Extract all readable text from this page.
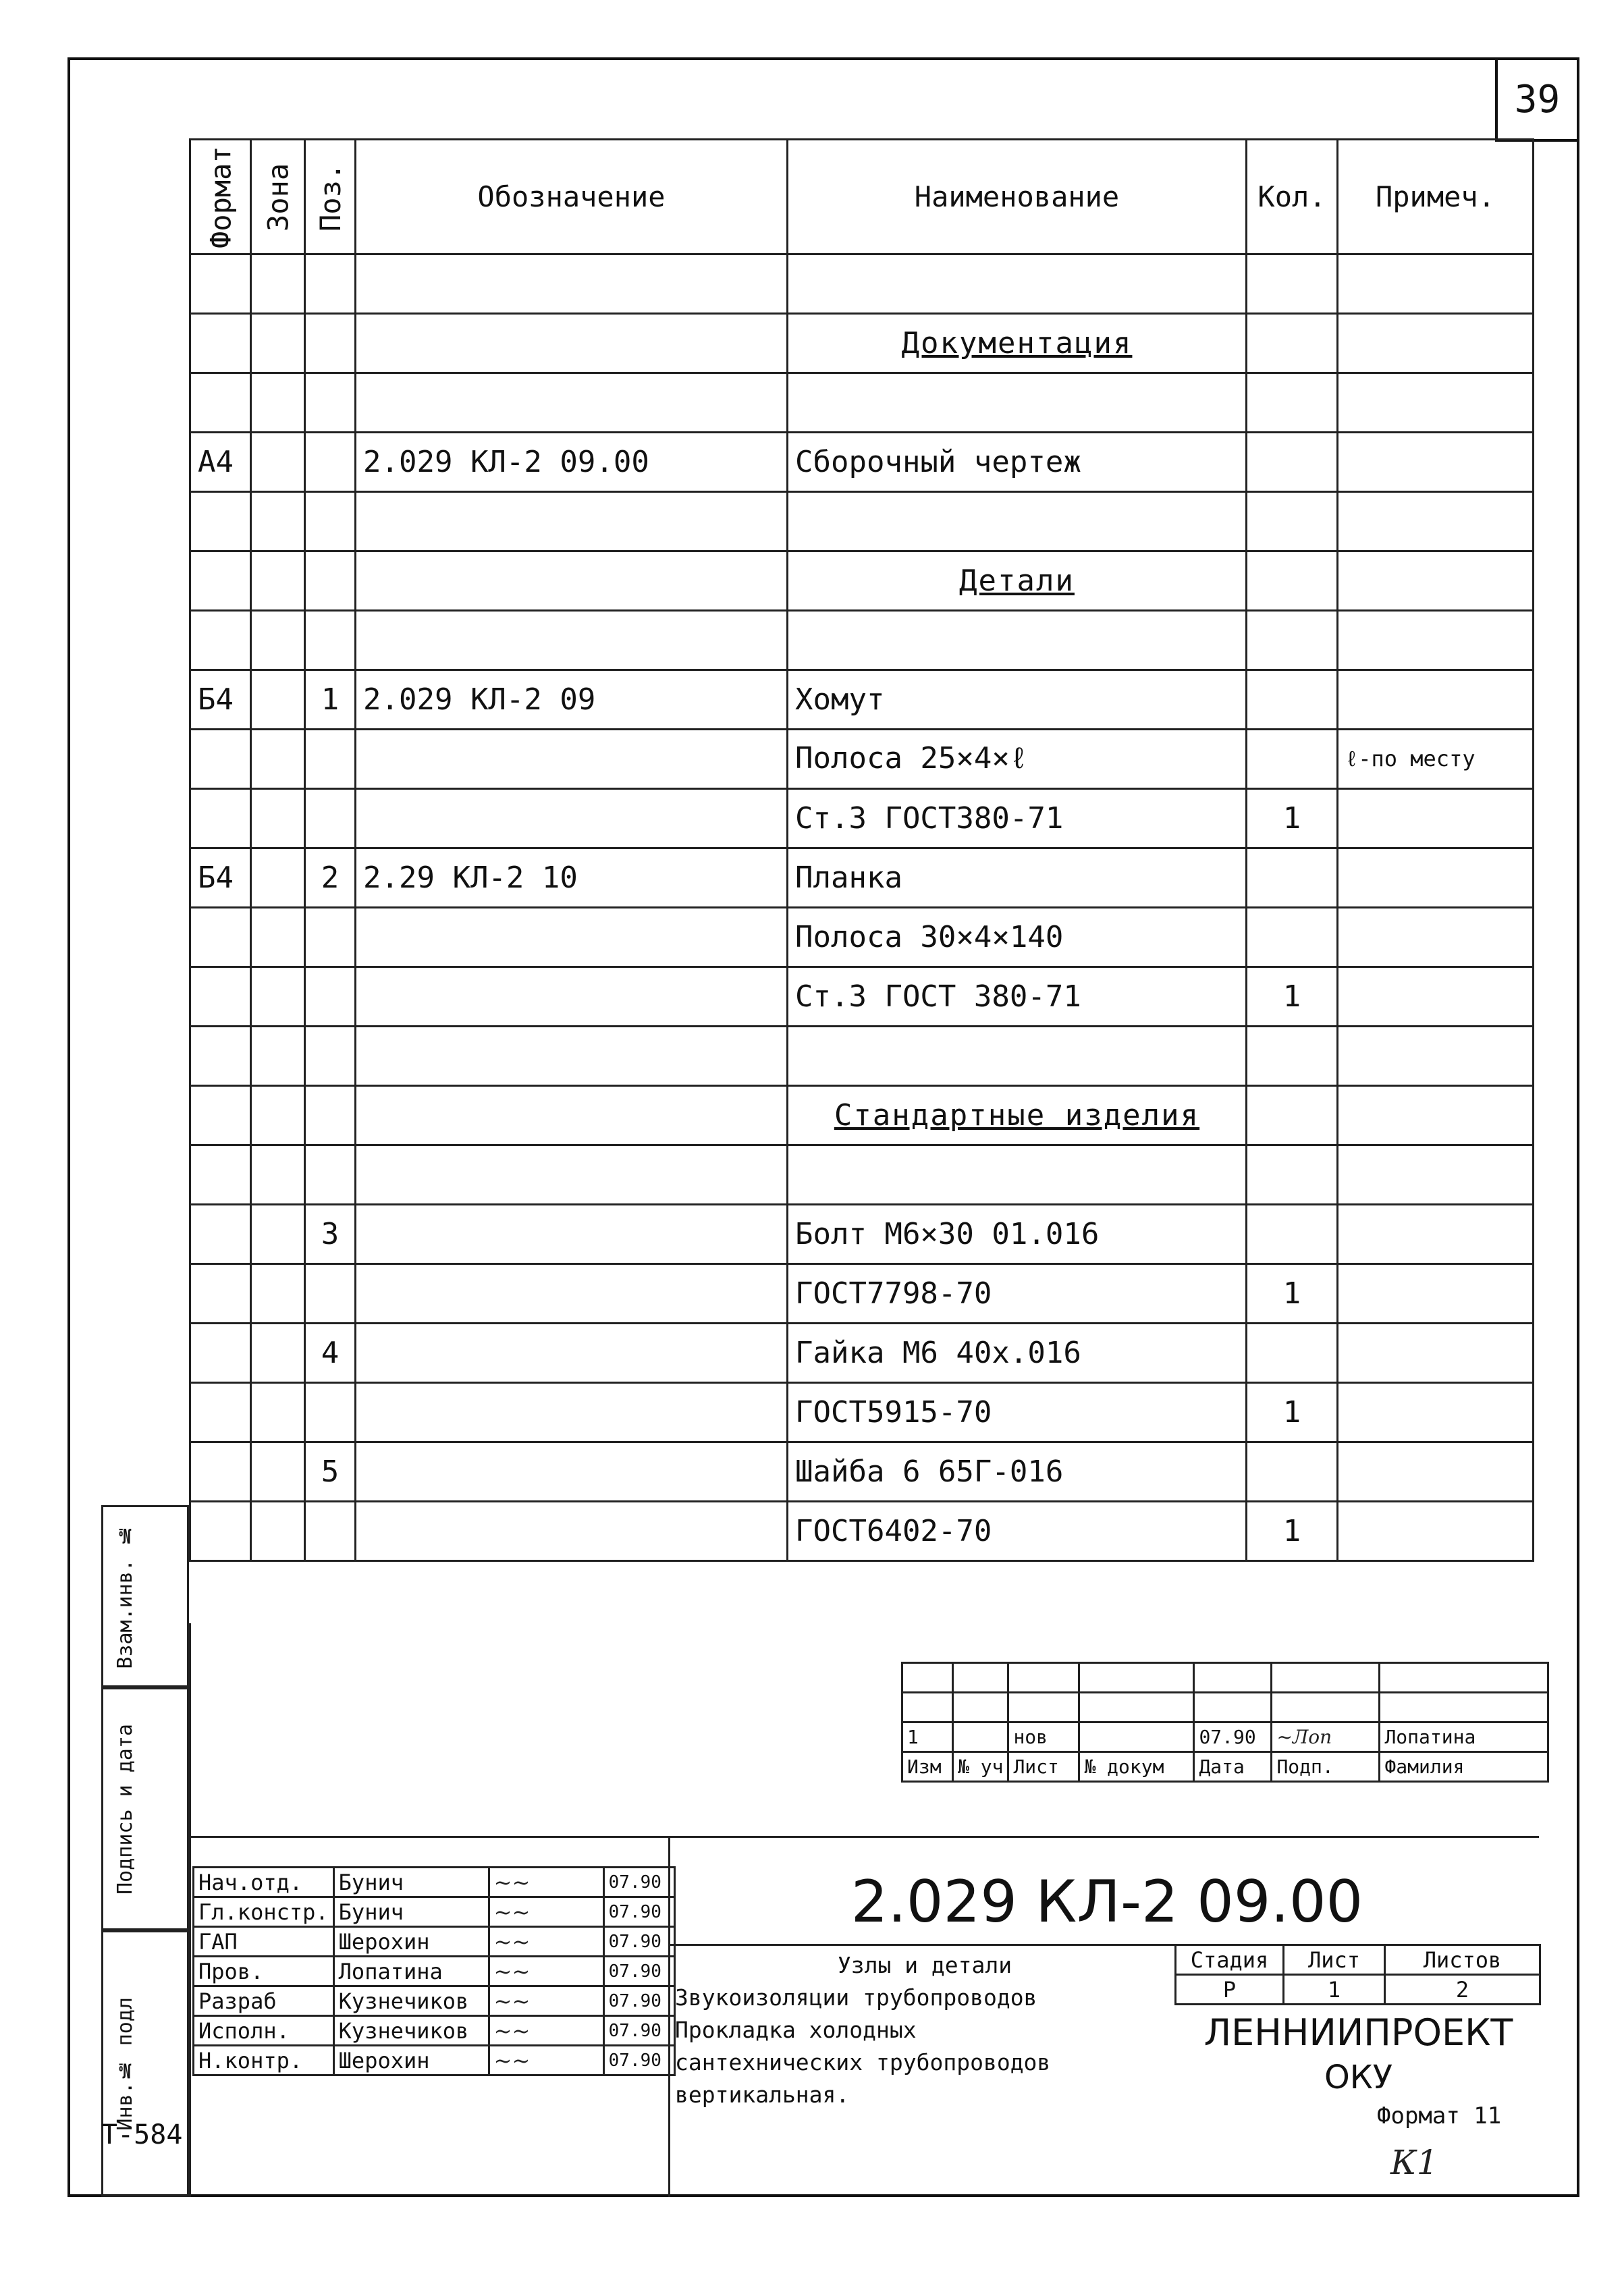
39
Формат	Зона	Поз.	Обозначение	Наименование	Кол.	Примеч.

				Документация		

А4			2.029 КЛ-2 09.00	Сборочный чертеж		

				Детали		

Б4		1	2.029 КЛ-2 09	Хомут		
				Полоса 25×4×ℓ		ℓ-по месту
				Ст.3 ГОСТ380-71	1	
Б4		2	2.29 КЛ-2 10	Планка		
				Полоса 30×4×140		
				Ст.3 ГОСТ 380-71	1	

				Стандартные изделия		

		3		Болт М6×30 01.016		
				ГОСТ7798-70	1	
		4		Гайка М6 40х.016		
				ГОСТ5915-70	1	
		5		Шайба 6 65Г-016		
				ГОСТ6402-70	1	
Взам.инв. №
Подпись и дата
Инв.№ подл

1		нов		07.90	~Лоп	Лопатина
Изм	№ уч	Лист	№ докум	Дата	Подп.	Фамилия
Нач.отд.	Бунич	~~	07.90
Гл.констр.	Бунич	~~	07.90
ГАП	Шерохин	~~	07.90
Пров.	Лопатина	~~	07.90
Разраб	Кузнечиков	~~	07.90
Исполн.	Кузнечиков	~~	07.90
Н.контр.	Шерохин	~~	07.90
2.029 КЛ-2 09.00
Узлы и детали
Звукоизоляции трубопроводов
Прокладка холодных
сантехнических трубопроводов
вертикальная.
Стадия	Лист	Листов
Р	1	2
ЛЕННИИПРОЕКТ
ОКУ
Т-584
Формат 11
К1
